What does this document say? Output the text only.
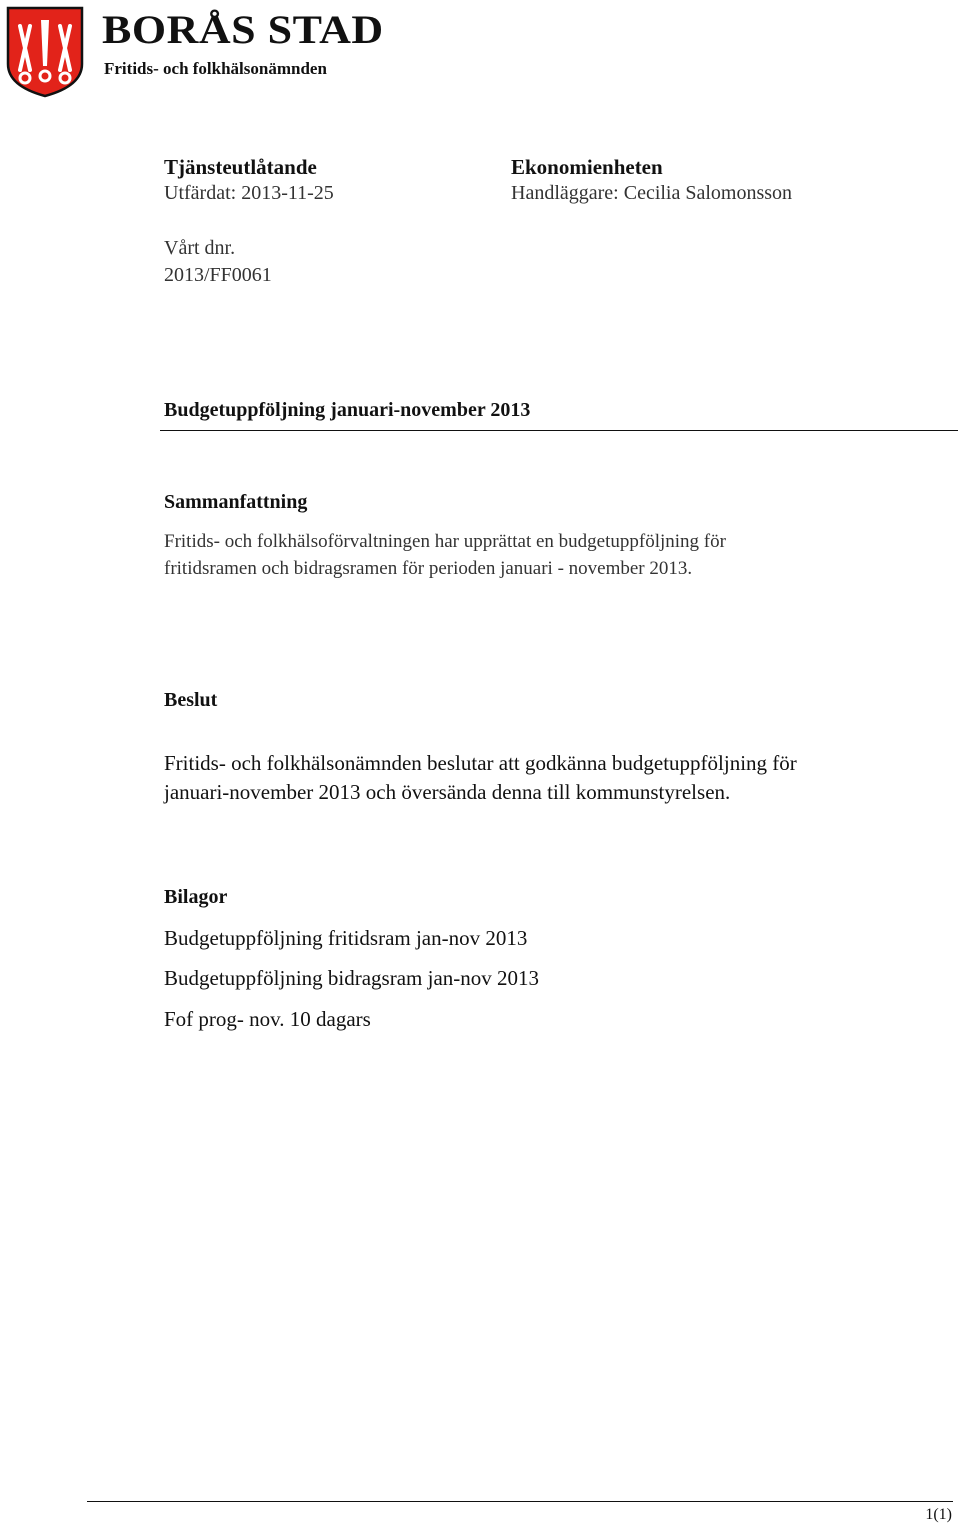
BORÅS STAD
Fritids- och folkhälsonämnden
Tjänsteutlåtande
Utfärdat: 2013-11-25
Ekonomienheten
Handläggare: Cecilia Salomonsson
Vårt dnr.
2013/FF0061
Budgetuppföljning januari-november 2013
Sammanfattning
Fritids- och folkhälsoförvaltningen har upprättat en budgetuppföljning för
fritidsramen och bidragsramen för perioden januari - november 2013.
Beslut
Fritids- och folkhälsonämnden beslutar att godkänna budgetuppföljning för
januari-november 2013 och översända denna till kommunstyrelsen.
Bilagor
Budgetuppföljning fritidsram jan-nov 2013
Budgetuppföljning bidragsram jan-nov 2013
Fof prog- nov. 10 dagars
1(1)
